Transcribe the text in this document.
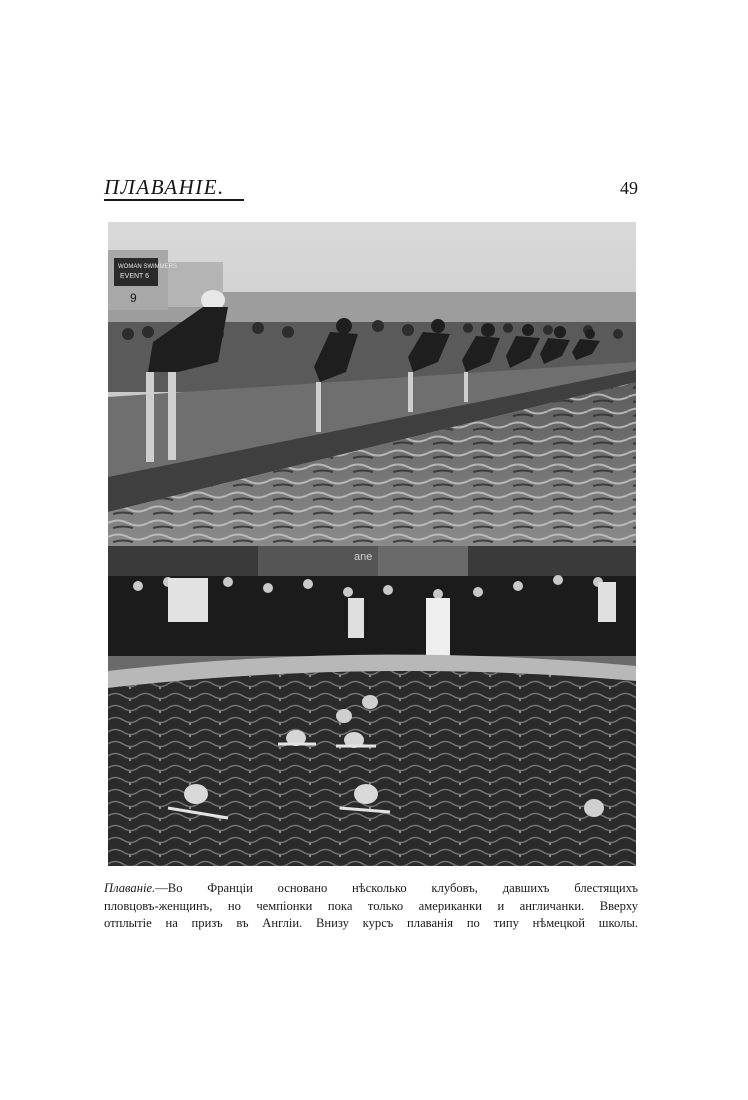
ПЛАВАНІЕ.	49
WOMAN SWIMMERS
EVENT 6
9
ane

Плаваніе.—Во Франціи основано нѣсколько клубовъ, давшихъ блестящихъ

пловцовъ-женщинъ, но чемпіонки пока только американки и англичанки. Вверху

отплытіе на призъ въ Англіи. Внизу курсъ плаванія по типу нѣмецкой школы.
